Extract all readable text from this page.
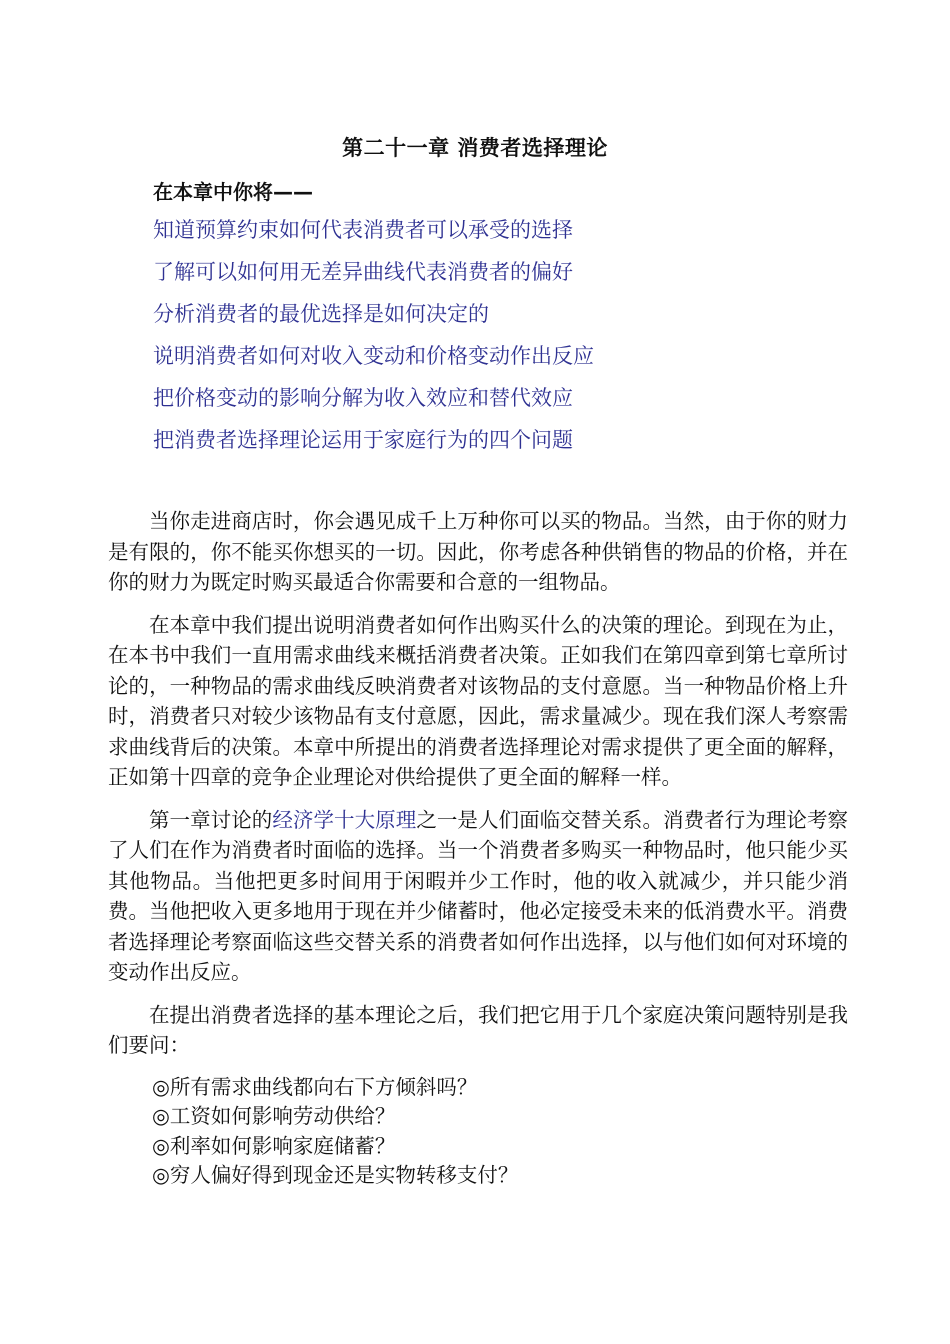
第二十一章 消费者选择理论
在本章中你将——
知道预算约束如何代表消费者可以承受的选择
了解可以如何用无差异曲线代表消费者的偏好
分析消费者的最优选择是如何决定的
说明消费者如何对收入变动和价格变动作出反应
把价格变动的影响分解为收入效应和替代效应
把消费者选择理论运用于家庭行为的四个问题

当你走进商店时，你会遇见成千上万种你可以买的物品。当然，由于你的财力是有限的，你不能买你想买的一切。因此，你考虑各种供销售的物品的价格，并在你的财力为既定时购买最适合你需要和合意的一组物品。

在本章中我们提出说明消费者如何作出购买什么的决策的理论。到现在为止，在本书中我们一直用需求曲线来概括消费者决策。正如我们在第四章到第七章所讨论的，一种物品的需求曲线反映消费者对该物品的支付意愿。当一种物品价格上升时，消费者只对较少该物品有支付意愿，因此，需求量减少。现在我们深人考察需求曲线背后的决策。本章中所提出的消费者选择理论对需求提供了更全面的解释，正如第十四章的竞争企业理论对供给提供了更全面的解释一样。

第一章讨论的经济学十大原理之一是人们面临交替关系。消费者行为理论考察了人们在作为消费者时面临的选择。当一个消费者多购买一种物品时，他只能少买其他物品。当他把更多时间用于闲暇并少工作时，他的收入就减少，并只能少消费。当他把收入更多地用于现在并少储蓄时，他必定接受未来的低消费水平。消费者选择理论考察面临这些交替关系的消费者如何作出选择，以与他们如何对环境的变动作出反应。

在提出消费者选择的基本理论之后，我们把它用于几个家庭决策问题特别是我们要问：

◎所有需求曲线都向右下方倾斜吗？
◎工资如何影响劳动供给？
◎利率如何影响家庭储蓄？
◎穷人偏好得到现金还是实物转移支付？
